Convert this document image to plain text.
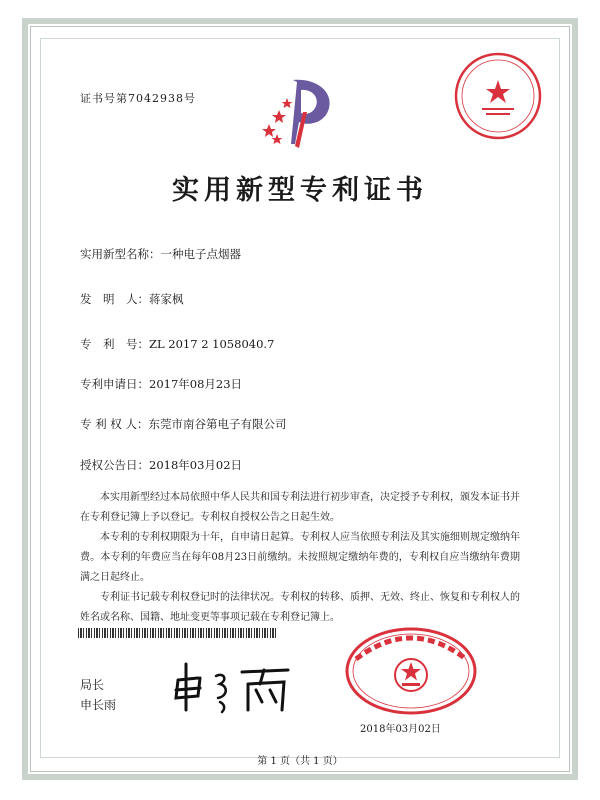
证书号第7042938号
实用新型专利证书
实用新型名称：一种电子点烟器
发　明　人：蒋家枫
专　利　号：ZL 2017 2 1058040.7
专利申请日：2017年08月23日
专 利 权 人：东莞市南谷第电子有限公司
授权公告日：2018年03月02日

本实用新型经过本局依照中华人民共和国专利法进行初步审查，决定授予专利权，颁发本证书并在专利登记簿上予以登记。专利权自授权公告之日起生效。

本专利的专利权期限为十年，自申请日起算。专利权人应当依照专利法及其实施细则规定缴纳年费。本专利的年费应当在每年08月23日前缴纳。未按照规定缴纳年费的，专利权自应当缴纳年费期满之日起终止。

专利证书记载专利权登记时的法律状况。专利权的转移、质押、无效、终止、恢复和专利权人的姓名或名称、国籍、地址变更等事项记载在专利登记簿上。

局长
申长雨
2018年03月02日
第 1 页（共 1 页）
